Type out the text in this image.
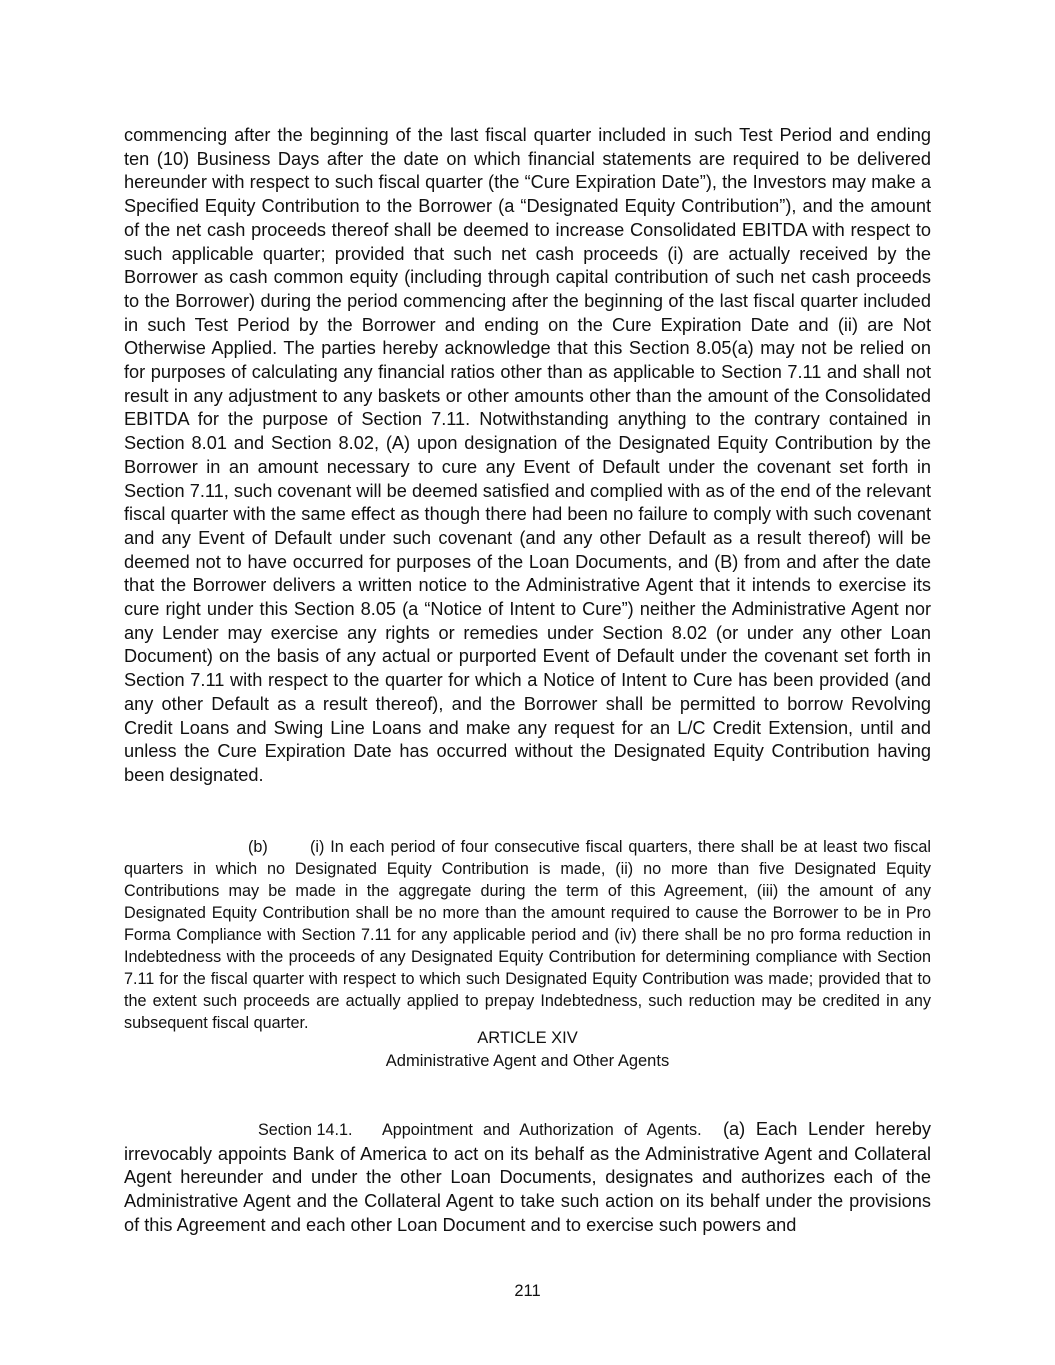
commencing after the beginning of the last fiscal quarter included in such Test Period and ending ten (10) Business Days after the date on which financial statements are required to be delivered hereunder with respect to such fiscal quarter (the “Cure Expiration Date”), the Investors may make a Specified Equity Contribution to the Borrower (a “Designated Equity Contribution”), and the amount of the net cash proceeds thereof shall be deemed to increase Consolidated EBITDA with respect to such applicable quarter; provided that such net cash proceeds (i) are actually received by the Borrower as cash common equity (including through capital contribution of such net cash proceeds to the Borrower) during the period commencing after the beginning of the last fiscal quarter included in such Test Period by the Borrower and ending on the Cure Expiration Date and (ii) are Not Otherwise Applied. The parties hereby acknowledge that this Section 8.05(a) may not be relied on for purposes of calculating any financial ratios other than as applicable to Section 7.11 and shall not result in any adjustment to any baskets or other amounts other than the amount of the Consolidated EBITDA for the purpose of Section 7.11. Notwithstanding anything to the contrary contained in Section 8.01 and Section 8.02, (A) upon designation of the Designated Equity Contribution by the Borrower in an amount necessary to cure any Event of Default under the covenant set forth in Section 7.11, such covenant will be deemed satisfied and complied with as of the end of the relevant fiscal quarter with the same effect as though there had been no failure to comply with such covenant and any Event of Default under such covenant (and any other Default as a result thereof) will be deemed not to have occurred for purposes of the Loan Documents, and (B) from and after the date that the Borrower delivers a written notice to the Administrative Agent that it intends to exercise its cure right under this Section 8.05 (a “Notice of Intent to Cure”) neither the Administrative Agent nor any Lender may exercise any rights or remedies under Section 8.02 (or under any other Loan Document) on the basis of any actual or purported Event of Default under the covenant set forth in Section 7.11 with respect to the quarter for which a Notice of Intent to Cure has been provided (and any other Default as a result thereof), and the Borrower shall be permitted to borrow Revolving Credit Loans and Swing Line Loans and make any request for an L/C Credit Extension, until and unless the Cure Expiration Date has occurred without the Designated Equity Contribution having been designated.

(b)	(i) In each period of four consecutive fiscal quarters, there shall be at least two fiscal quarters in which no Designated Equity Contribution is made, (ii) no more than five Designated Equity Contributions may be made in the aggregate during the term of this Agreement, (iii) the amount of any Designated Equity Contribution shall be no more than the amount required to cause the Borrower to be in Pro Forma Compliance with Section 7.11 for any applicable period and (iv) there shall be no pro forma reduction in Indebtedness with the proceeds of any Designated Equity Contribution for determining compliance with Section 7.11 for the fiscal quarter with respect to which such Designated Equity Contribution was made; provided that to the extent such proceeds are actually applied to prepay Indebtedness, such reduction may be credited in any subsequent fiscal quarter.

ARTICLE XIV
Administrative Agent and Other Agents

Section 14.1. Appointment and Authorization of Agents. (a) Each Lender hereby irrevocably appoints Bank of America to act on its behalf as the Administrative Agent and Collateral Agent hereunder and under the other Loan Documents, designates and authorizes each of the Administrative Agent and the Collateral Agent to take such action on its behalf under the provisions of this Agreement and each other Loan Document and to exercise such powers and

211
